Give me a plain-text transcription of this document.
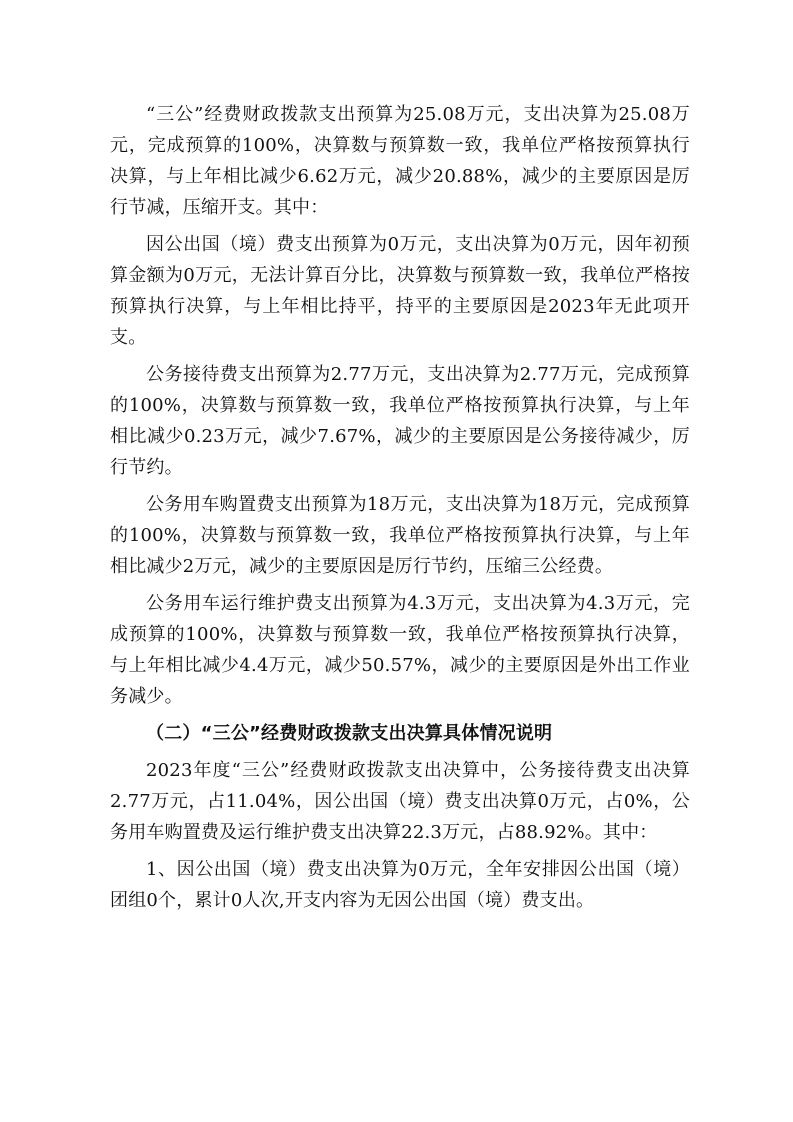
“三公”经费财政拨款支出预算为25.08万元，支出决算为25.08万元，完成预算的100%，决算数与预算数一致，我单位严格按预算执行决算，与上年相比减少6.62万元，减少20.88%，减少的主要原因是厉行节减，压缩开支。其中：

因公出国（境）费支出预算为0万元，支出决算为0万元，因年初预算金额为0万元，无法计算百分比，决算数与预算数一致，我单位严格按预算执行决算，与上年相比持平，持平的主要原因是2023年无此项开支。

公务接待费支出预算为2.77万元，支出决算为2.77万元，完成预算的100%，决算数与预算数一致，我单位严格按预算执行决算，与上年相比减少0.23万元，减少7.67%，减少的主要原因是公务接待减少，厉行节约。

公务用车购置费支出预算为18万元，支出决算为18万元，完成预算的100%，决算数与预算数一致，我单位严格按预算执行决算，与上年相比减少2万元，减少的主要原因是厉行节约，压缩三公经费。

公务用车运行维护费支出预算为4.3万元，支出决算为4.3万元，完成预算的100%，决算数与预算数一致，我单位严格按预算执行决算，与上年相比减少4.4万元，减少50.57%，减少的主要原因是外出工作业务减少。

（二）“三公”经费财政拨款支出决算具体情况说明

2023年度“三公”经费财政拨款支出决算中，公务接待费支出决算2.77万元，占11.04%，因公出国（境）费支出决算0万元，占0%，公务用车购置费及运行维护费支出决算22.3万元，占88.92%。其中：

1、因公出国（境）费支出决算为0万元，全年安排因公出国（境）团组0个，累计0人次,开支内容为无因公出国（境）费支出。
